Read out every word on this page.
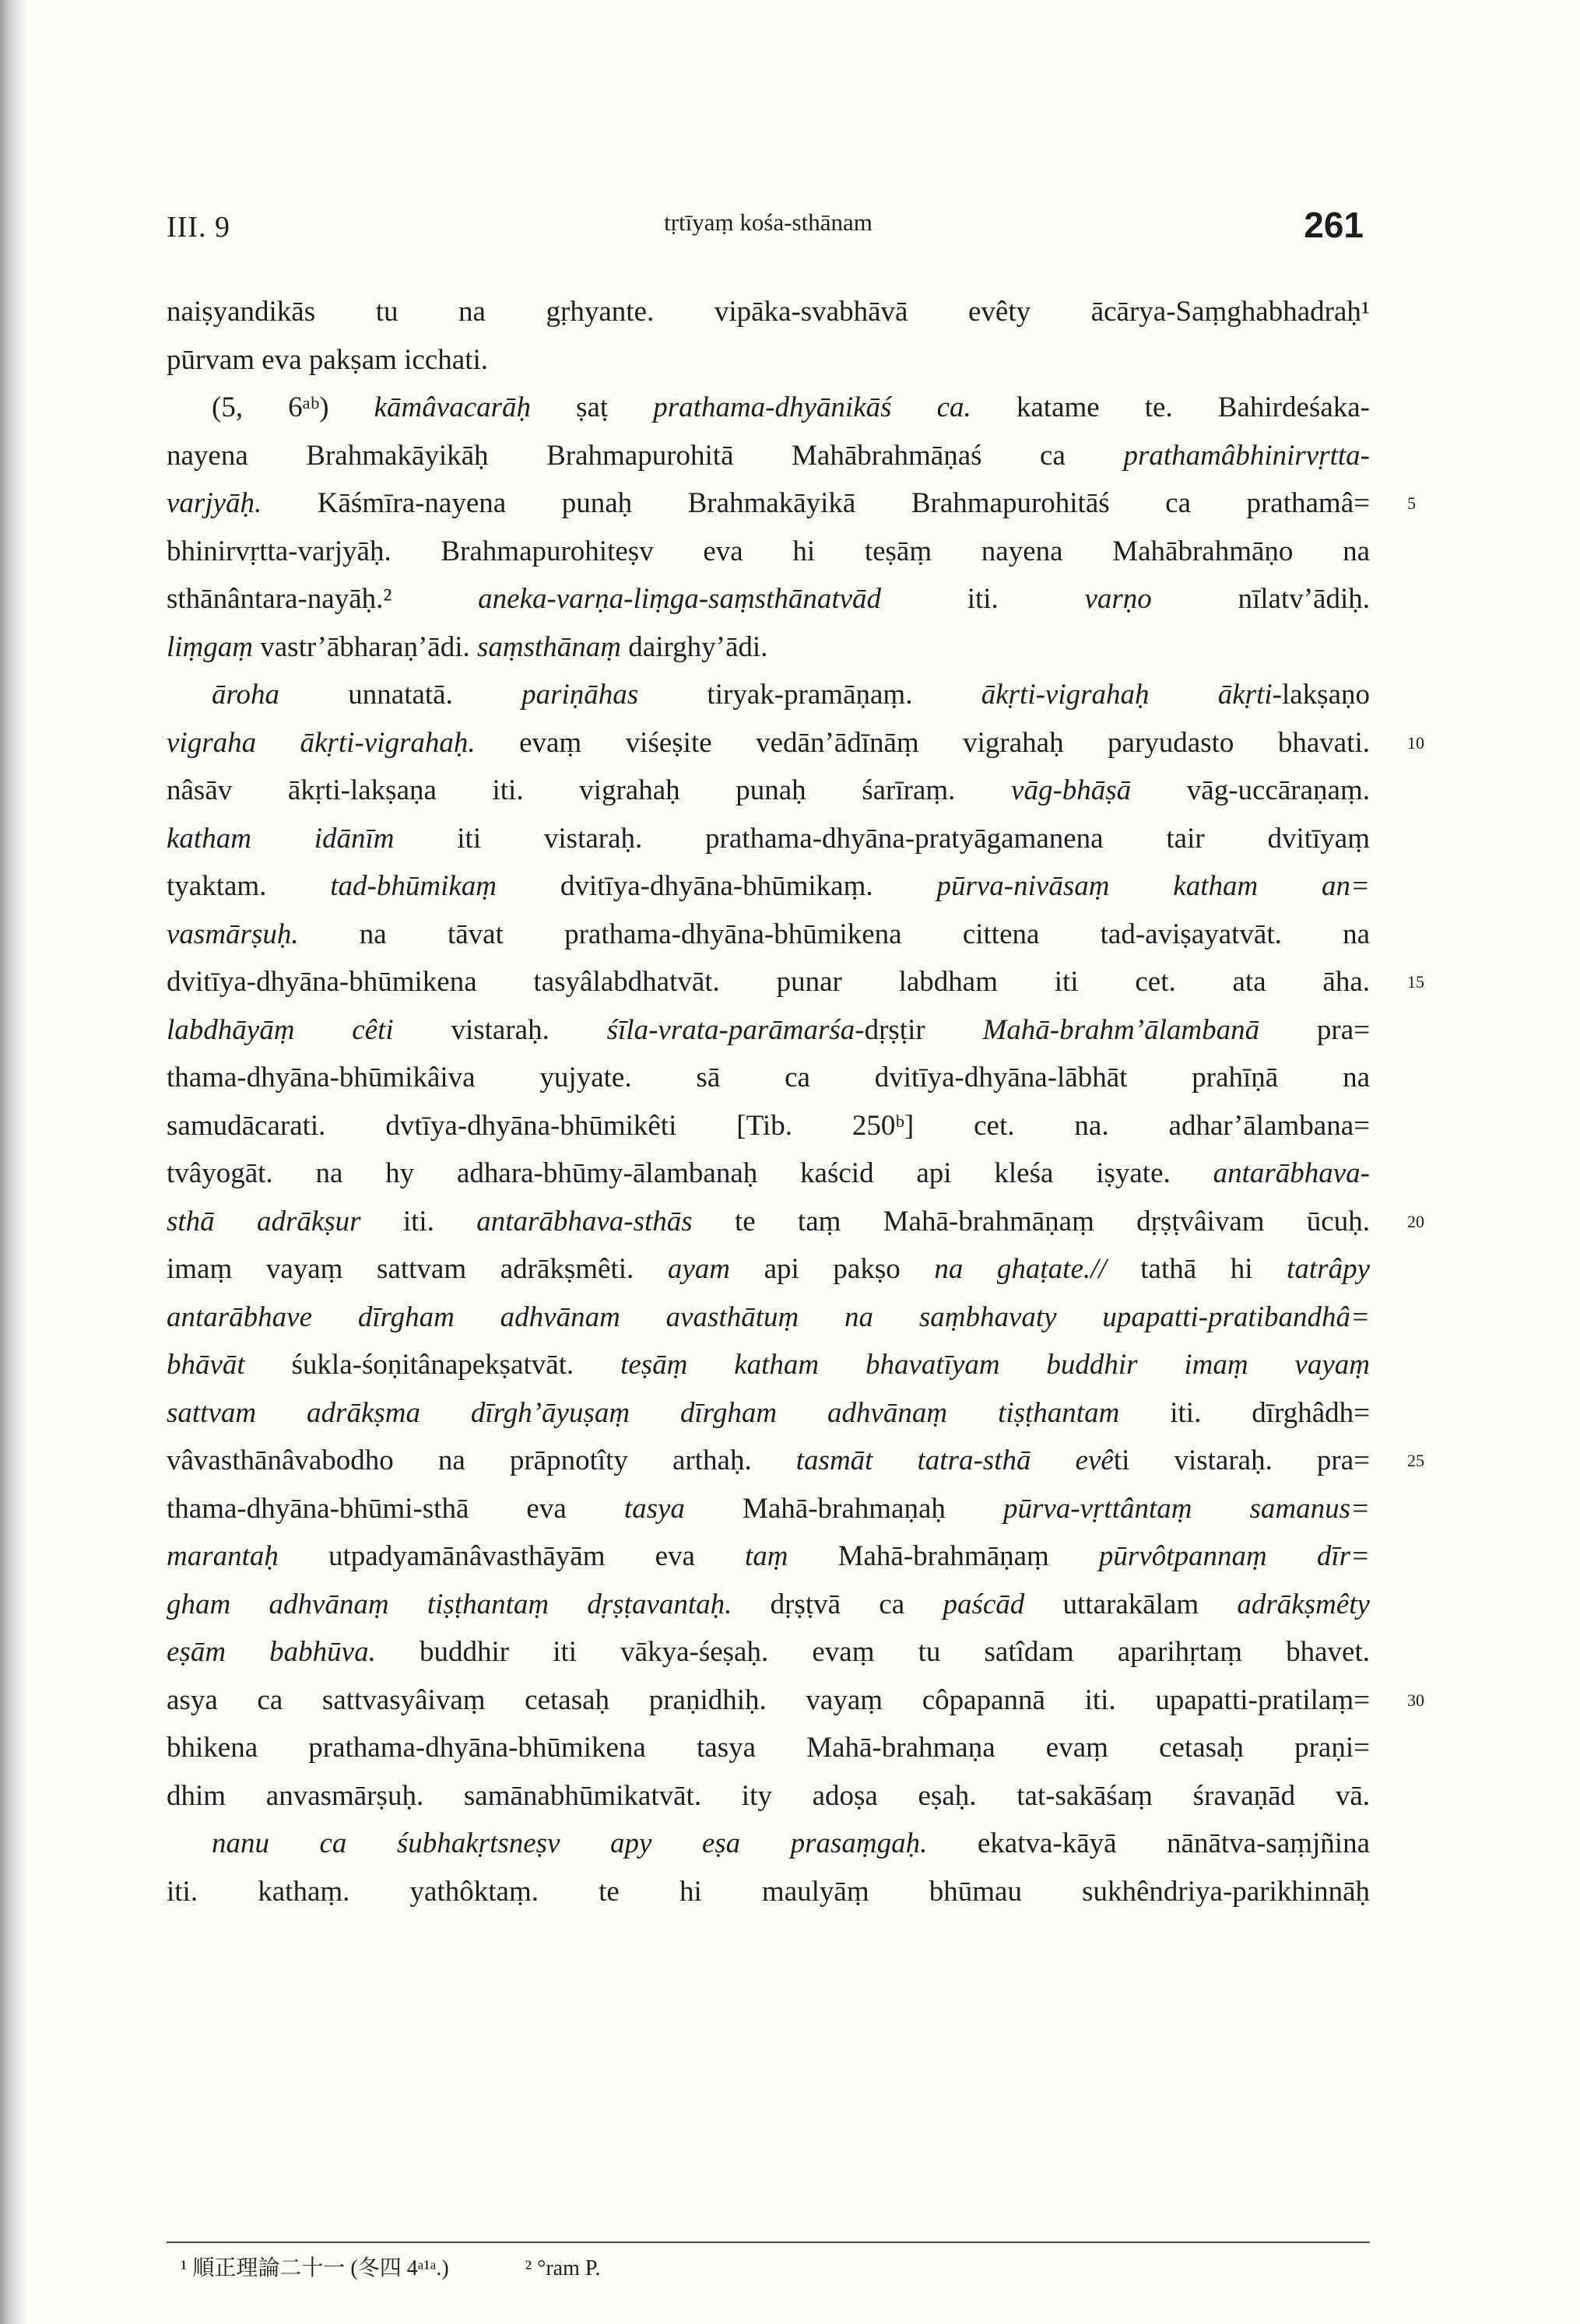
III. 9	tṛtīyaṃ kośa-sthānam	261
naiṣyandikās tu na gṛhyante. vipāka-svabhāvā evêty ācārya-Saṃghabhadraḥ¹
pūrvam eva pakṣam icchati.
(5, 6ᵃᵇ) kāmâvacarāḥ ṣaṭ prathama-dhyānikāś ca. katame te. Bahirdeśaka-
nayena Brahmakāyikāḥ Brahmapurohitā Mahābrahmāṇaś ca prathamâbhinirvṛtta-
varjyāḥ. Kāśmīra-nayena punaḥ Brahmakāyikā Brahmapurohitāś ca prathamâ= 5
bhinirvṛtta-varjyāḥ. Brahmapurohiteṣv eva hi teṣāṃ nayena Mahābrahmāṇo na
sthānântara-nayāḥ.² aneka-varṇa-liṃga-saṃsthānatvād iti. varṇo nīlatv’ādiḥ.
liṃgaṃ vastr’ābharaṇ’ādi. saṃsthānaṃ dairghy’ādi.
āroha unnatatā. pariṇāhas tiryak-pramāṇaṃ. ākṛti-vigrahaḥ ākṛti-lakṣaṇo
vigraha ākṛti-vigrahaḥ. evaṃ viśeṣite vedān’ādīnāṃ vigrahaḥ paryudasto bhavati. 10
nâsāv ākṛti-lakṣaṇa iti. vigrahaḥ punaḥ śarīraṃ. vāg-bhāṣā vāg-uccāraṇaṃ.
katham idānīm iti vistaraḥ. prathama-dhyāna-pratyāgamanena tair dvitīyaṃ
tyaktam. tad-bhūmikaṃ dvitīya-dhyāna-bhūmikaṃ. pūrva-nivāsaṃ katham an=
vasmārṣuḥ. na tāvat prathama-dhyāna-bhūmikena cittena tad-aviṣayatvāt. na
dvitīya-dhyāna-bhūmikena tasyâlabdhatvāt. punar labdham iti cet. ata āha. 15
labdhāyāṃ cêti vistaraḥ. śīla-vrata-parāmarśa-dṛṣṭir Mahā-brahm’ālambanā pra=
thama-dhyāna-bhūmikâiva yujyate. sā ca dvitīya-dhyāna-lābhāt prahīṇā na
samudācarati. dvtīya-dhyāna-bhūmikêti [Tib. 250ᵇ] cet. na. adhar’ālambana=
tvâyogāt. na hy adhara-bhūmy-ālambanaḥ kaścid api kleśa iṣyate. antarābhava-
sthā adrākṣur iti. antarābhava-sthās te taṃ Mahā-brahmāṇaṃ dṛṣṭvâivam ūcuḥ. 20
imaṃ vayaṃ sattvam adrākṣmêti. ayam api pakṣo na ghaṭate.// tathā hi tatrâpy
antarābhave dīrgham adhvānam avasthātuṃ na saṃbhavaty upapatti-pratibandhâ=
bhāvāt śukla-śoṇitânapekṣatvāt. teṣāṃ katham bhavatīyam buddhir imaṃ vayaṃ
sattvam adrākṣma dīrgh’āyuṣaṃ dīrgham adhvānaṃ tiṣṭhantam iti. dīrghâdh=
vâvasthānâvabodho na prāpnotîty arthaḥ. tasmāt tatra-sthā evêti vistaraḥ. pra= 25
thama-dhyāna-bhūmi-sthā eva tasya Mahā-brahmaṇaḥ pūrva-vṛttântaṃ samanus=
marantaḥ utpadyamānâvasthāyām eva taṃ Mahā-brahmāṇaṃ pūrvôtpannaṃ dīr=
gham adhvānaṃ tiṣṭhantaṃ dṛṣṭavantaḥ. dṛṣṭvā ca paścād uttarakālam adrākṣmêty
eṣām babhūva. buddhir iti vākya-śeṣaḥ. evaṃ tu satîdam aparihṛtaṃ bhavet.
asya ca sattvasyâivaṃ cetasaḥ praṇidhiḥ. vayaṃ côpapannā iti. upapatti-pratilaṃ= 30
bhikena prathama-dhyāna-bhūmikena tasya Mahā-brahmaṇa evaṃ cetasaḥ praṇi=
dhim anvasmārṣuḥ. samānabhūmikatvāt. ity adoṣa eṣaḥ. tat-sakāśaṃ śravaṇād vā.
nanu ca śubhakṛtsneṣv apy eṣa prasaṃgaḥ. ekatva-kāyā nānātva-saṃjñina
iti. kathaṃ. yathôktaṃ. te hi maulyāṃ bhūmau sukhêndriya-parikhinnāḥ
¹ 順正理論二十一 (冬四 4ᵃ¹ᵃ.)	² °ram P.
